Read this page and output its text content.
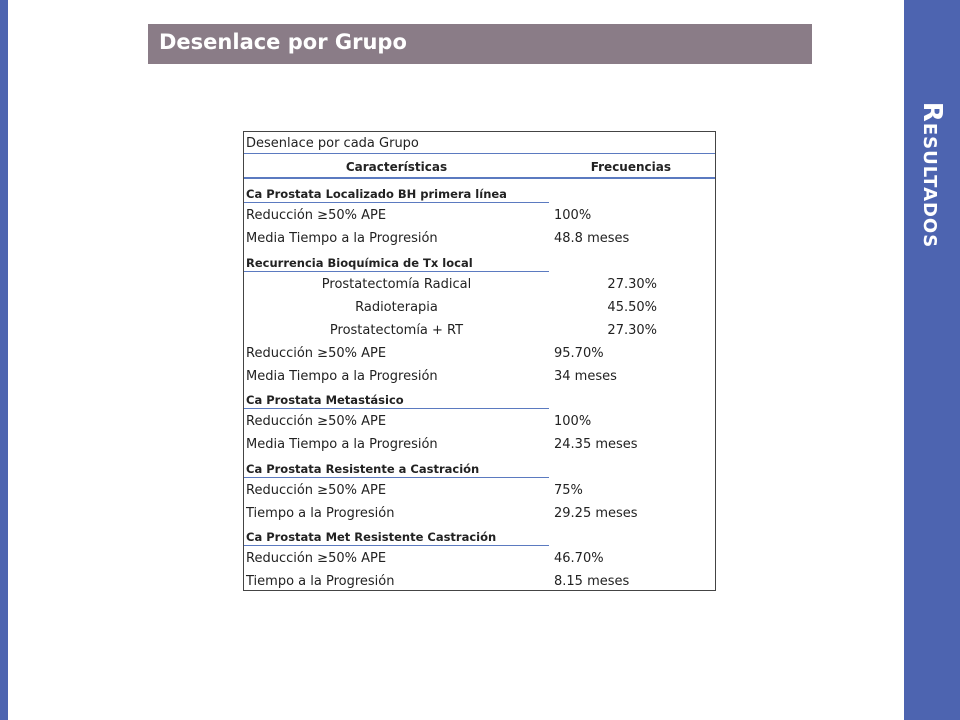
Resultados
Desenlace por Grupo
Desenlace por cada Grupo
Características	Frecuencias
Ca Prostata Localizado BH primera línea
Reducción ≥50% APE	100%
Media Tiempo a la Progresión	48.8 meses
Recurrencia Bioquímica de Tx local
Prostatectomía Radical	27.30%
Radioterapia	45.50%
Prostatectomía + RT	27.30%
Reducción ≥50% APE	95.70%
Media Tiempo a la Progresión	34 meses
Ca Prostata Metastásico
Reducción ≥50% APE	100%
Media Tiempo a la Progresión	24.35 meses
Ca Prostata Resistente a Castración
Reducción ≥50% APE	75%
Tiempo a la Progresión	29.25 meses
Ca Prostata Met Resistente Castración
Reducción ≥50% APE	46.70%
Tiempo a la Progresión	8.15 meses
